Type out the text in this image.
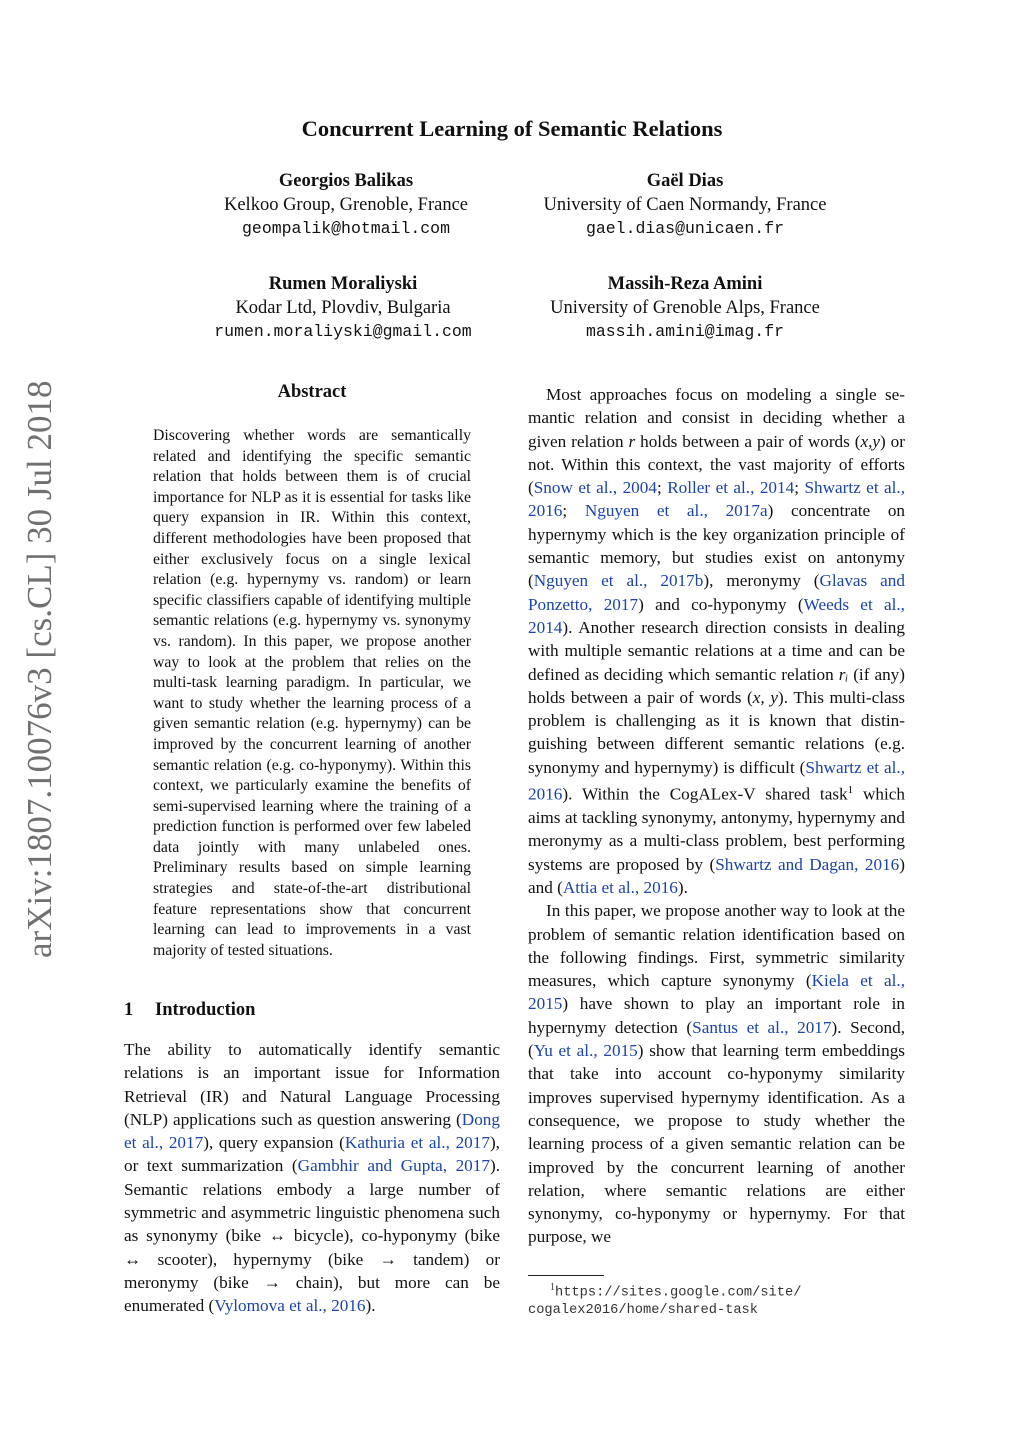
Concurrent Learning of Semantic Relations
Georgios Balikas
Kelkoo Group, Grenoble, France
geompalik@hotmail.com
Gaël Dias
University of Caen Normandy, France
gael.dias@unicaen.fr
Rumen Moraliyski
Kodar Ltd, Plovdiv, Bulgaria
rumen.moraliyski@gmail.com
Massih-Reza Amini
University of Grenoble Alps, France
massih.amini@imag.fr
arXiv:1807.10076v3 [cs.CL] 30 Jul 2018	Abstract
Discovering whether words are semantically related and identifying the specific semantic relation that holds between them is of crucial importance for NLP as it is essential for tasks like query expansion in IR. Within this context, different methodologies have been proposed that either exclusively focus on a single lexical relation (e.g. hypernymy vs. random) or learn specific classifiers capable of identifying multiple semantic relations (e.g. hypernymy vs. synonymy vs. random). In this paper, we propose another way to look at the problem that relies on the multi-task learning paradigm. In particular, we want to study whether the learning process of a given semantic relation (e.g. hypernymy) can be improved by the concurrent learning of another semantic relation (e.g. co-hyponymy). Within this context, we particularly examine the benefits of semi-supervised learning where the training of a prediction function is performed over few labeled data jointly with many unlabeled ones. Preliminary results based on simple learning strategies and state-of-the-art distributional feature representations show that concurrent learning can lead to improvements in a vast majority of tested situations.
1 Introduction

The ability to automatically identify semantic relations is an important issue for Information Retrieval (IR) and Natural Language Processing (NLP) applications such as question answering (Dong et al., 2017), query expansion (Kathuria et al., 2017), or text summarization (Gambhir and Gupta, 2017). Semantic relations embody a large number of symmetric and asymmetric linguistic phenomena such as synonymy (bike ↔ bicycle), co-hyponymy (bike ↔ scooter), hypernymy (bike → tandem) or meronymy (bike → chain), but more can be enumerated (Vylomova et al., 2016).

Most approaches focus on modeling a single semantic relation and consist in deciding whether a given relation r holds between a pair of words (x,y) or not. Within this context, the vast majority of efforts (Snow et al., 2004; Roller et al., 2014; Shwartz et al., 2016; Nguyen et al., 2017a) concentrate on hypernymy which is the key organization principle of semantic memory, but studies exist on antonymy (Nguyen et al., 2017b), meronymy (Glavas and Ponzetto, 2017) and co-hyponymy (Weeds et al., 2014). Another research direction consists in dealing with multiple semantic relations at a time and can be defined as deciding which semantic relation rᵢ (if any) holds between a pair of words (x, y). This multi-class problem is challenging as it is known that distinguishing between different semantic relations (e.g. synonymy and hypernymy) is difficult (Shwartz et al., 2016). Within the CogALex-V shared task$^1$ which aims at tackling synonymy, antonymy, hypernymy and meronymy as a multi-class problem, best performing systems are proposed by (Shwartz and Dagan, 2016) and (Attia et al., 2016).

In this paper, we propose another way to look at the problem of semantic relation identification based on the following findings. First, symmetric similarity measures, which capture synonymy (Kiela et al., 2015) have shown to play an important role in hypernymy detection (Santus et al., 2017). Second, (Yu et al., 2015) show that learning term embeddings that take into account co-hyponymy similarity improves supervised hypernymy identification. As a consequence, we propose to study whether the learning process of a given semantic relation can be improved by the concurrent learning of another relation, where semantic relations are either synonymy, co-hyponymy or hypernymy. For that purpose, we

$^1$https://sites.google.com/site/
cogalex2016/home/shared-task
